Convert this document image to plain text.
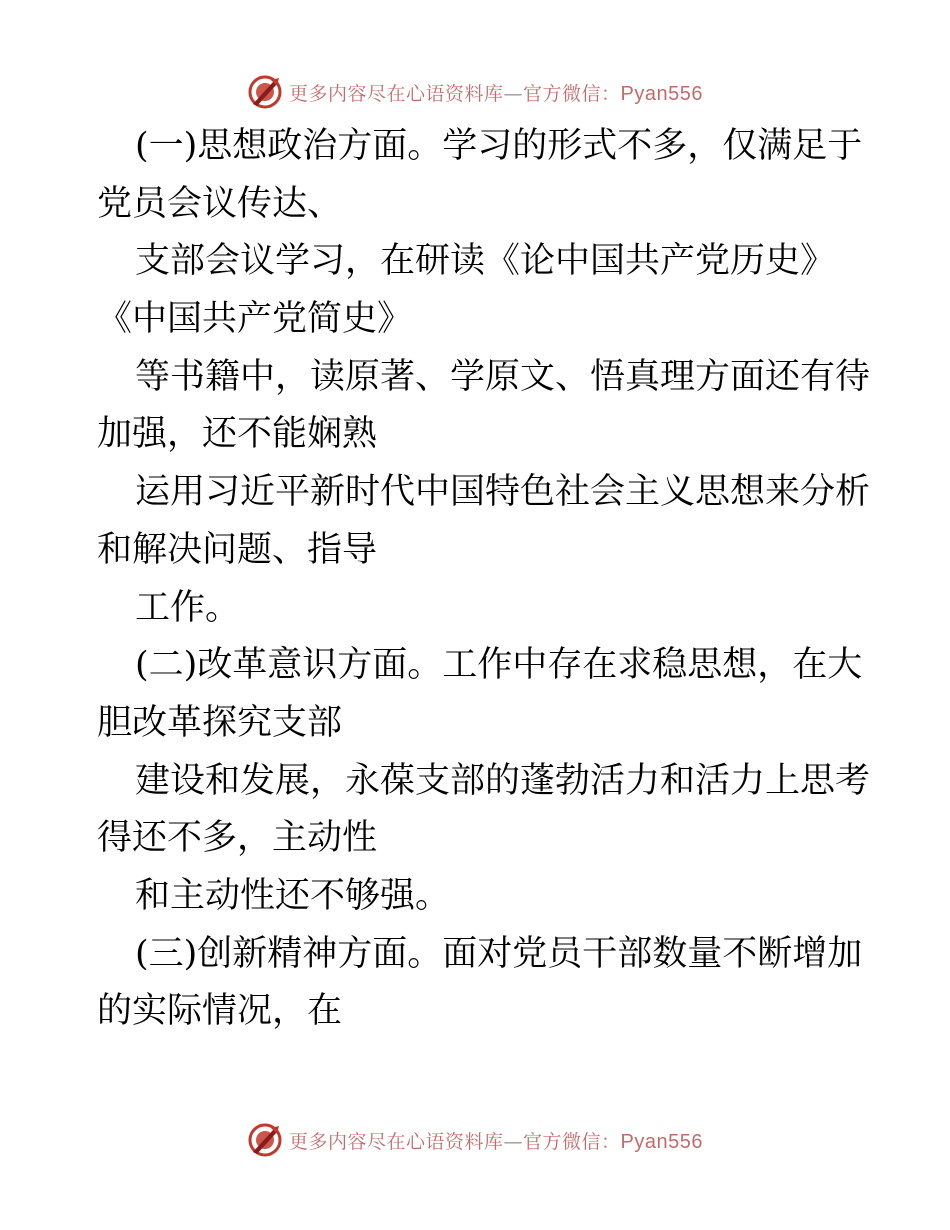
更多内容尽在心语资料库—官方微信：Pyan556
(一)思想政治方面。学习的形式不多，仅满足于
党员会议传达、
支部会议学习，在研读《论中国共产党历史》
《中国共产党简史》
等书籍中，读原著、学原文、悟真理方面还有待
加强，还不能娴熟
运用习近平新时代中国特色社会主义思想来分析
和解决问题、指导
工作。
(二)改革意识方面。工作中存在求稳思想，在大
胆改革探究支部
建设和发展，永葆支部的蓬勃活力和活力上思考
得还不多，主动性
和主动性还不够强。
(三)创新精神方面。面对党员干部数量不断增加
的实际情况，在
更多内容尽在心语资料库—官方微信：Pyan556
